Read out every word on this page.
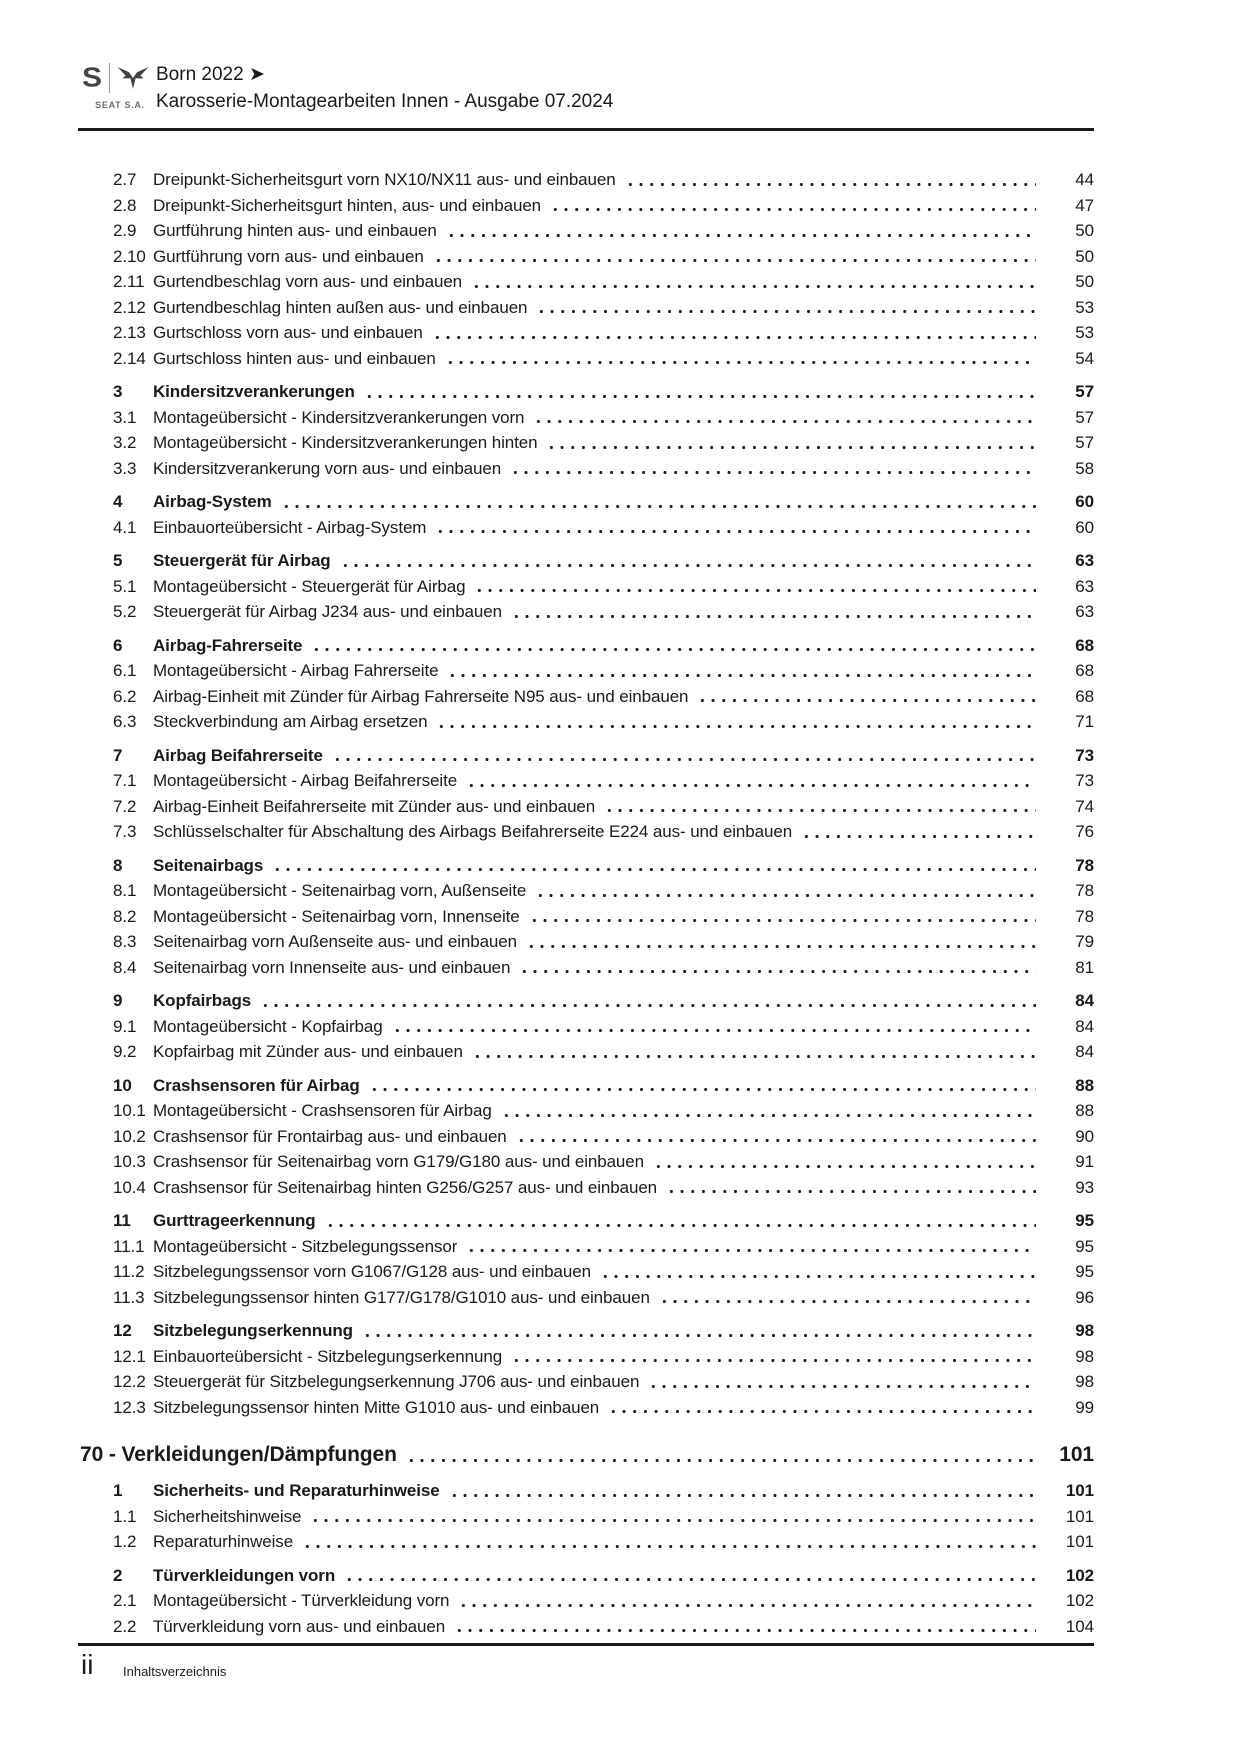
S
SEAT S.A.
Born 2022 ➤
Karosserie-Montagearbeiten Innen - Ausgabe 07.2024
2.7 Dreipunkt-Sicherheitsgurt vorn NX10/NX11 aus- und einbauen	44
2.8 Dreipunkt-Sicherheitsgurt hinten, aus- und einbauen	47
2.9 Gurtführung hinten aus- und einbauen	50
2.10 Gurtführung vorn aus- und einbauen	50
2.11 Gurtendbeschlag vorn aus- und einbauen	50
2.12 Gurtendbeschlag hinten außen aus- und einbauen	53
2.13 Gurtschloss vorn aus- und einbauen	53
2.14 Gurtschloss hinten aus- und einbauen	54
3	Kindersitzverankerungen	57
3.1 Montageübersicht - Kindersitzverankerungen vorn	57
3.2 Montageübersicht - Kindersitzverankerungen hinten	57
3.3 Kindersitzverankerung vorn aus- und einbauen	58
4	Airbag-System	60
4.1 Einbauorteübersicht - Airbag-System	60
5	Steuergerät für Airbag	63
5.1 Montageübersicht - Steuergerät für Airbag	63
5.2 Steuergerät für Airbag J234 aus- und einbauen	63
6	Airbag-Fahrerseite	68
6.1 Montageübersicht - Airbag Fahrerseite	68
6.2 Airbag-Einheit mit Zünder für Airbag Fahrerseite N95 aus- und einbauen	68
6.3 Steckverbindung am Airbag ersetzen	71
7	Airbag Beifahrerseite	73
7.1 Montageübersicht - Airbag Beifahrerseite	73
7.2 Airbag-Einheit Beifahrerseite mit Zünder aus- und einbauen	74
7.3 Schlüsselschalter für Abschaltung des Airbags Beifahrerseite E224 aus- und einbauen	76
8	Seitenairbags	78
8.1 Montageübersicht - Seitenairbag vorn, Außenseite	78
8.2 Montageübersicht - Seitenairbag vorn, Innenseite	78
8.3 Seitenairbag vorn Außenseite aus- und einbauen	79
8.4 Seitenairbag vorn Innenseite aus- und einbauen	81
9	Kopfairbags	84
9.1 Montageübersicht - Kopfairbag	84
9.2 Kopfairbag mit Zünder aus- und einbauen	84
10	Crashsensoren für Airbag	88
10.1 Montageübersicht - Crashsensoren für Airbag	88
10.2 Crashsensor für Frontairbag aus- und einbauen	90
10.3 Crashsensor für Seitenairbag vorn G179/G180 aus- und einbauen	91
10.4 Crashsensor für Seitenairbag hinten G256/G257 aus- und einbauen	93
11	Gurttrageerkennung	95
11.1 Montageübersicht - Sitzbelegungssensor	95
11.2 Sitzbelegungssensor vorn G1067/G128 aus- und einbauen	95
11.3 Sitzbelegungssensor hinten G177/G178/G1010 aus- und einbauen	96
12	Sitzbelegungserkennung	98
12.1 Einbauorteübersicht - Sitzbelegungserkennung	98
12.2 Steuergerät für Sitzbelegungserkennung J706 aus- und einbauen	98
12.3 Sitzbelegungssensor hinten Mitte G1010 aus- und einbauen	99
70 - Verkleidungen/Dämpfungen	101
1	Sicherheits- und Reparaturhinweise	101
1.1 Sicherheitshinweise	101
1.2 Reparaturhinweise	101
2	Türverkleidungen vorn	102
2.1 Montageübersicht - Türverkleidung vorn	102
2.2 Türverkleidung vorn aus- und einbauen	104
ii Inhaltsverzeichnis
